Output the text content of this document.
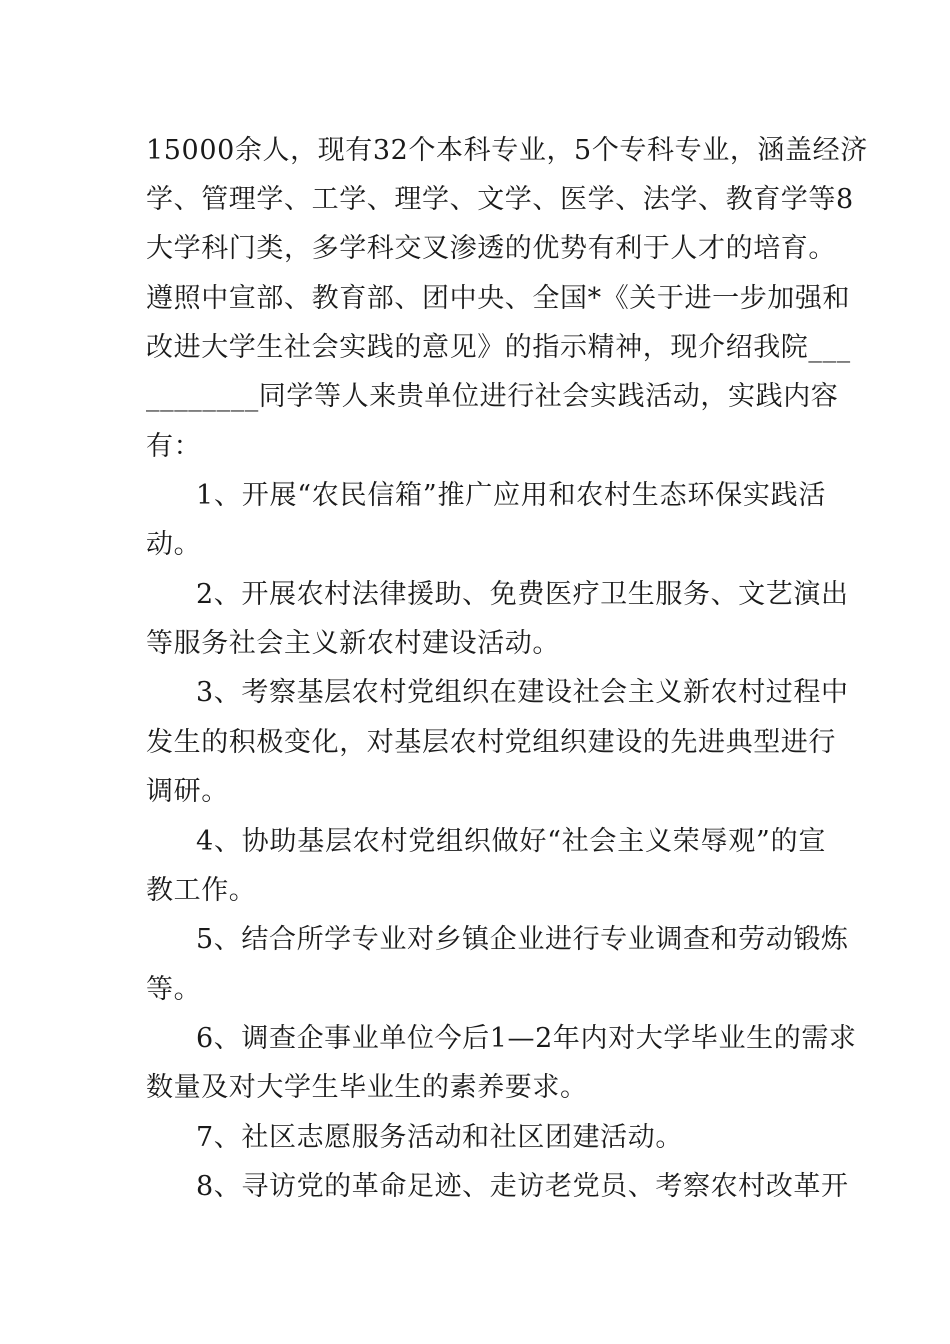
15000余人，现有32个本科专业，5个专科专业，涵盖经济
学、管理学、工学、理学、文学、医学、法学、教育学等8
大学科门类，多学科交叉渗透的优势有利于人才的培育。
遵照中宣部、教育部、团中央、全国*《关于进一步加强和
改进大学生社会实践的意见》的指示精神，现介绍我院___
________同学等人来贵单位进行社会实践活动，实践内容
有：
1、开展“农民信箱”推广应用和农村生态环保实践活
动。
2、开展农村法律援助、免费医疗卫生服务、文艺演出
等服务社会主义新农村建设活动。
3、考察基层农村党组织在建设社会主义新农村过程中
发生的积极变化，对基层农村党组织建设的先进典型进行
调研。
4、协助基层农村党组织做好“社会主义荣辱观”的宣
教工作。
5、结合所学专业对乡镇企业进行专业调查和劳动锻炼
等。
6、调查企事业单位今后1—2年内对大学毕业生的需求
数量及对大学生毕业生的素养要求。
7、社区志愿服务活动和社区团建活动。
8、寻访党的革命足迹、走访老党员、考察农村改革开
